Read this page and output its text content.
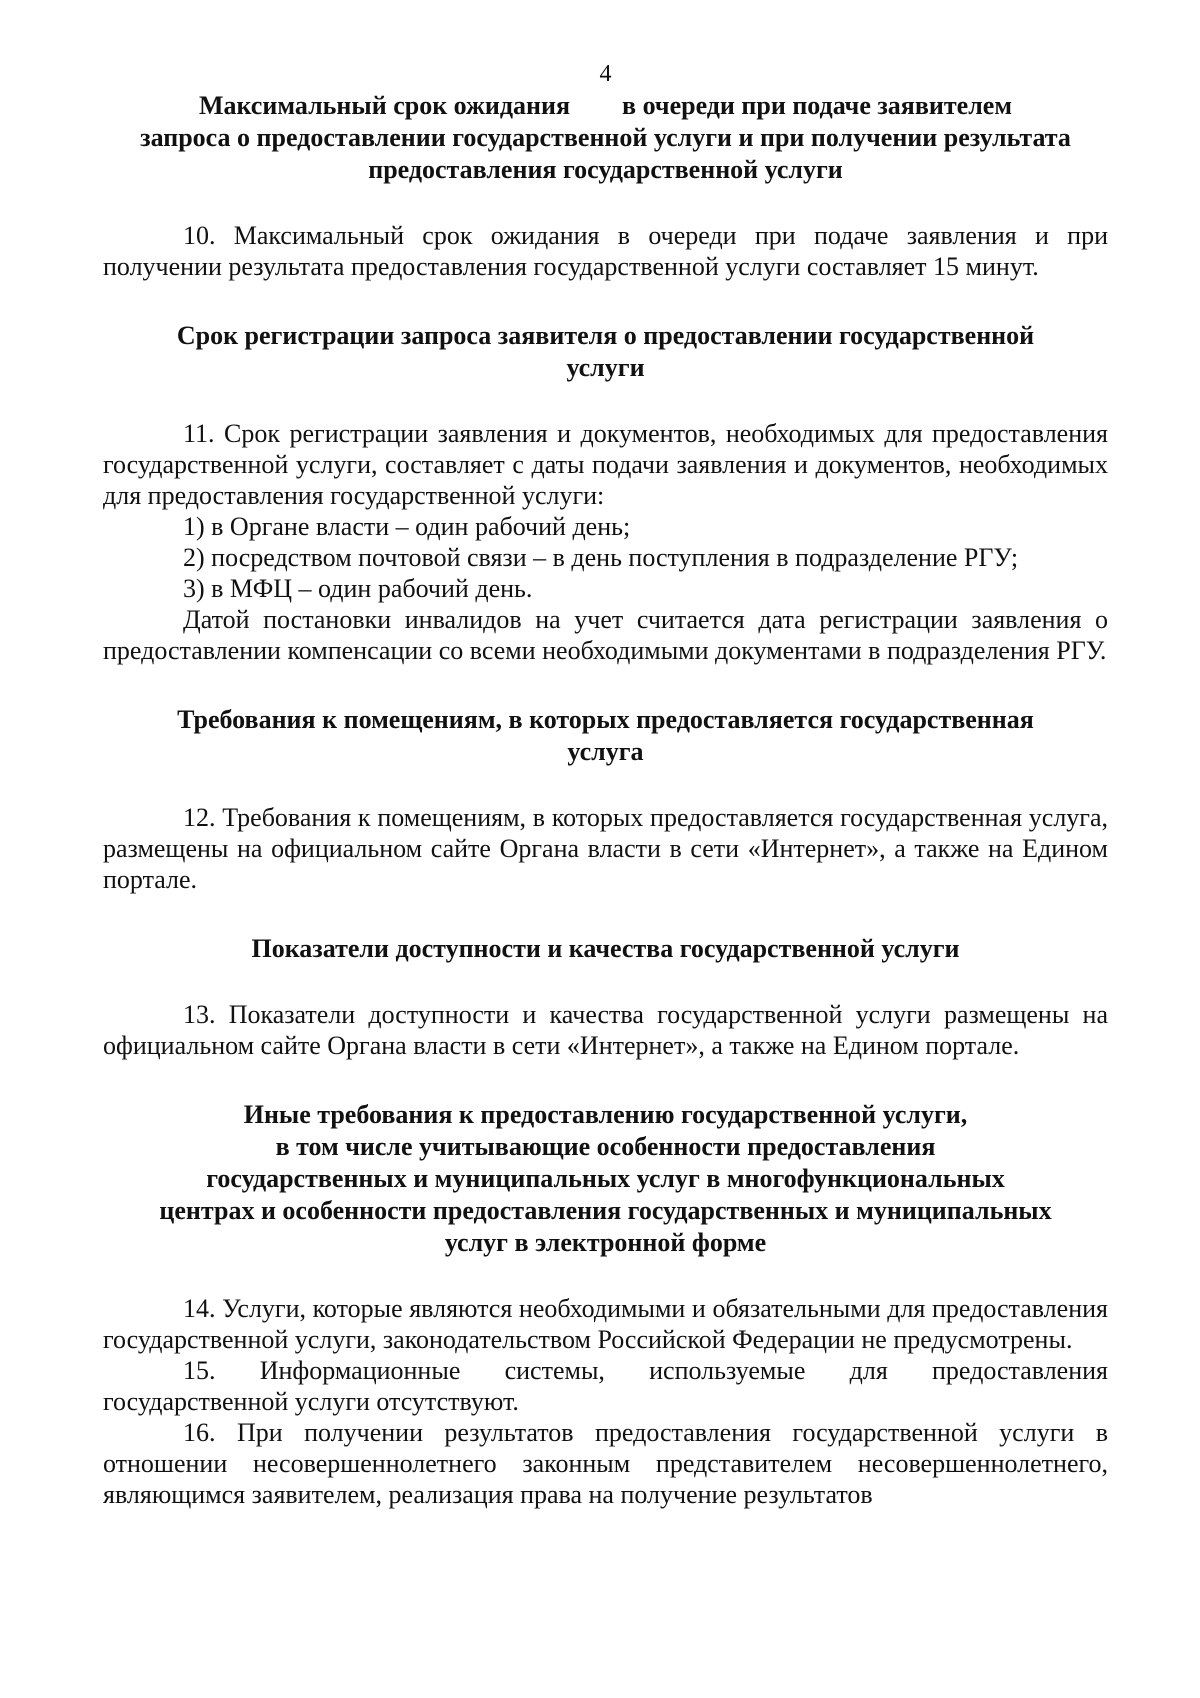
4
Максимальный срок ожидания        в очереди при подаче заявителем
запроса о предоставлении государственной услуги и при получении результата
предоставления государственной услуги

10. Максимальный срок ожидания в очереди при подаче заявления и при получении результата предоставления государственной услуги составляет 15 минут.

Срок регистрации запроса заявителя о предоставлении государственной
услуги

11. Срок регистрации заявления и документов, необходимых для предоставления государственной услуги, составляет с даты подачи заявления и документов, необходимых для предоставления государственной услуги:

1) в Органе власти – один рабочий день;

2) посредством почтовой связи – в день поступления в подразделение РГУ;

3) в МФЦ – один рабочий день.

Датой постановки инвалидов на учет считается дата регистрации заявления о предоставлении компенсации со всеми необходимыми документами в подразделения РГУ.

Требования к помещениям, в которых предоставляется государственная
услуга

12. Требования к помещениям, в которых предоставляется государственная услуга, размещены на официальном сайте Органа власти в сети «Интернет», а также на Едином портале.

Показатели доступности и качества государственной услуги

13. Показатели доступности и качества государственной услуги размещены на официальном сайте Органа власти в сети «Интернет», а также на Едином портале.

Иные требования к предоставлению государственной услуги,
в том числе учитывающие особенности предоставления
государственных и муниципальных услуг в многофункциональных
центрах и особенности предоставления государственных и муниципальных
услуг в электронной форме

14. Услуги, которые являются необходимыми и обязательными для предоставления государственной услуги, законодательством Российской Федерации не предусмотрены.

15. Информационные системы, используемые для предоставления государственной услуги отсутствуют.

16. При получении результатов предоставления государственной услуги в отношении несовершеннолетнего законным представителем несовершеннолетнего, являющимся заявителем, реализация права на получение результатов
